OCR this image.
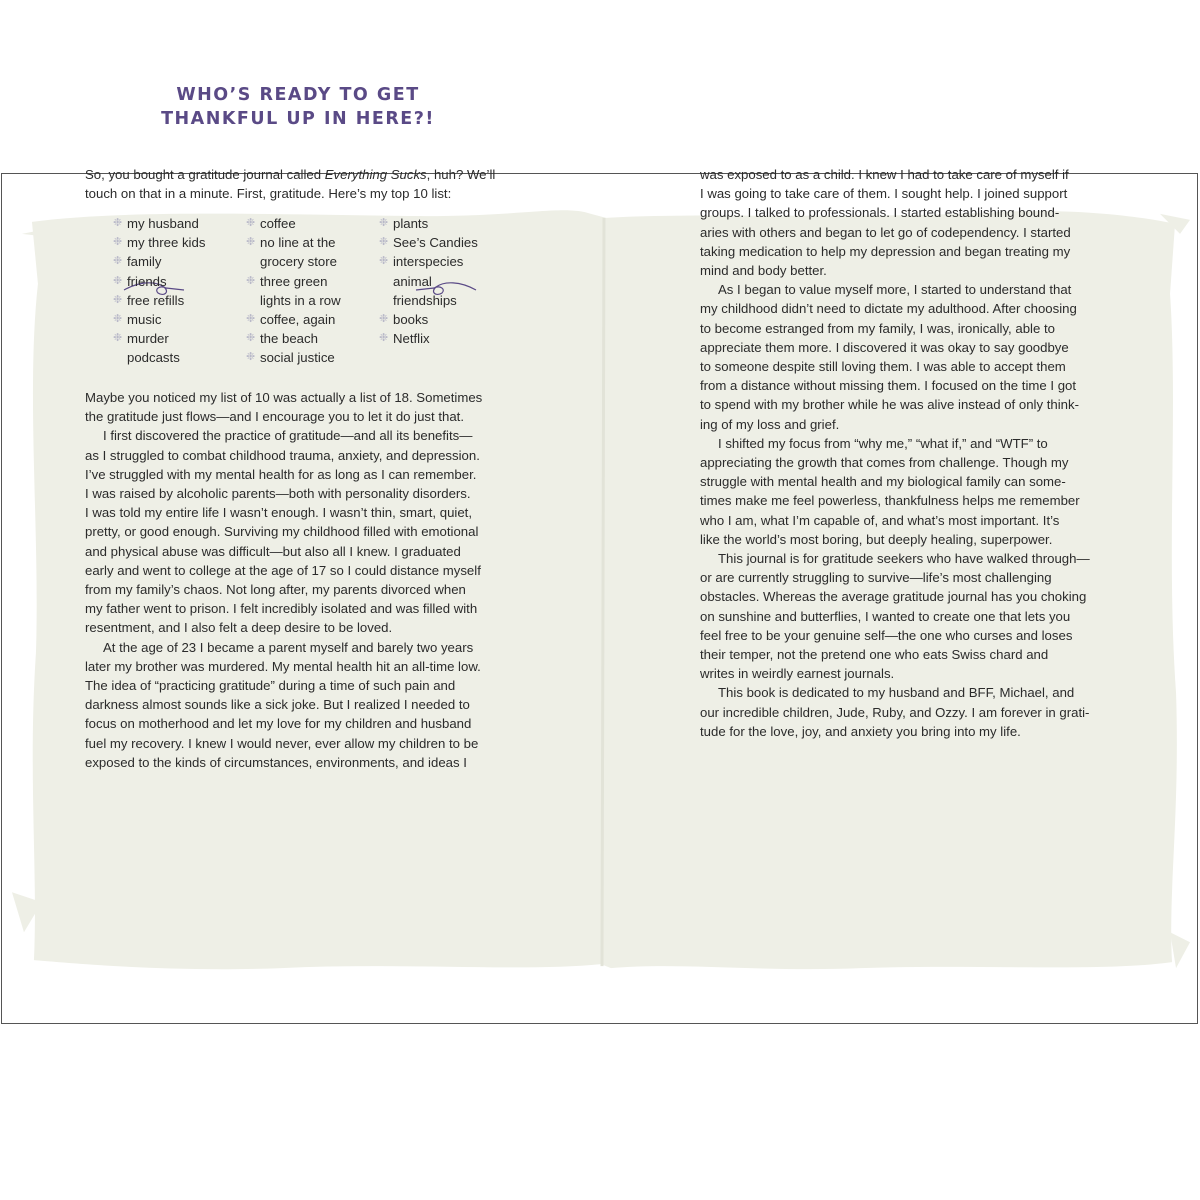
WHO’S READY TO GET
THANKFUL UP IN HERE?!

So, you bought a gratitude journal called Everything Sucks, huh? We’ll

touch on that in a minute. First, gratitude. Here’s my top 10 list:

❉ my husband
❉ my three kids
❉ family
❉ friends
❉ free refills
❉ music
❉ murder
podcasts
❉ coffee
❉ no line at the
grocery store
❉ three green
lights in a row
❉ coffee, again
❉ the beach
❉ social justice
❉ plants
❉ See’s Candies
❉ interspecies
animal
friendships
❉ books
❉ Netflix
Maybe you noticed my list of 10 was actually a list of 18. Sometimes
the gratitude just flows—and I encourage you to let it do just that.
I first discovered the practice of gratitude—and all its benefits—
as I struggled to combat childhood trauma, anxiety, and depression.
I’ve struggled with my mental health for as long as I can remember.
I was raised by alcoholic parents—both with personality disorders.
I was told my entire life I wasn’t enough. I wasn’t thin, smart, quiet,
pretty, or good enough. Surviving my childhood filled with emotional
and physical abuse was difficult—but also all I knew. I graduated
early and went to college at the age of 17 so I could distance myself
from my family’s chaos. Not long after, my parents divorced when
my father went to prison. I felt incredibly isolated and was filled with
resentment, and I also felt a deep desire to be loved.
At the age of 23 I became a parent myself and barely two years
later my brother was murdered. My mental health hit an all-time low.
The idea of “practicing gratitude” during a time of such pain and
darkness almost sounds like a sick joke. But I realized I needed to
focus on motherhood and let my love for my children and husband
fuel my recovery. I knew I would never, ever allow my children to be
exposed to the kinds of circumstances, environments, and ideas I
was exposed to as a child. I knew I had to take care of myself if
I was going to take care of them. I sought help. I joined support
groups. I talked to professionals. I started establishing bound-
aries with others and began to let go of codependency. I started
taking medication to help my depression and began treating my
mind and body better.
As I began to value myself more, I started to understand that
my childhood didn’t need to dictate my adulthood. After choosing
to become estranged from my family, I was, ironically, able to
appreciate them more. I discovered it was okay to say goodbye
to someone despite still loving them. I was able to accept them
from a distance without missing them. I focused on the time I got
to spend with my brother while he was alive instead of only think-
ing of my loss and grief.
I shifted my focus from “why me,” “what if,” and “WTF” to
appreciating the growth that comes from challenge. Though my
struggle with mental health and my biological family can some-
times make me feel powerless, thankfulness helps me remember
who I am, what I’m capable of, and what’s most important. It’s
like the world’s most boring, but deeply healing, superpower.
This journal is for gratitude seekers who have walked through—
or are currently struggling to survive—life’s most challenging
obstacles. Whereas the average gratitude journal has you choking
on sunshine and butterflies, I wanted to create one that lets you
feel free to be your genuine self—the one who curses and loses
their temper, not the pretend one who eats Swiss chard and
writes in weirdly earnest journals.
This book is dedicated to my husband and BFF, Michael, and
our incredible children, Jude, Ruby, and Ozzy. I am forever in grati-
tude for the love, joy, and anxiety you bring into my life.
